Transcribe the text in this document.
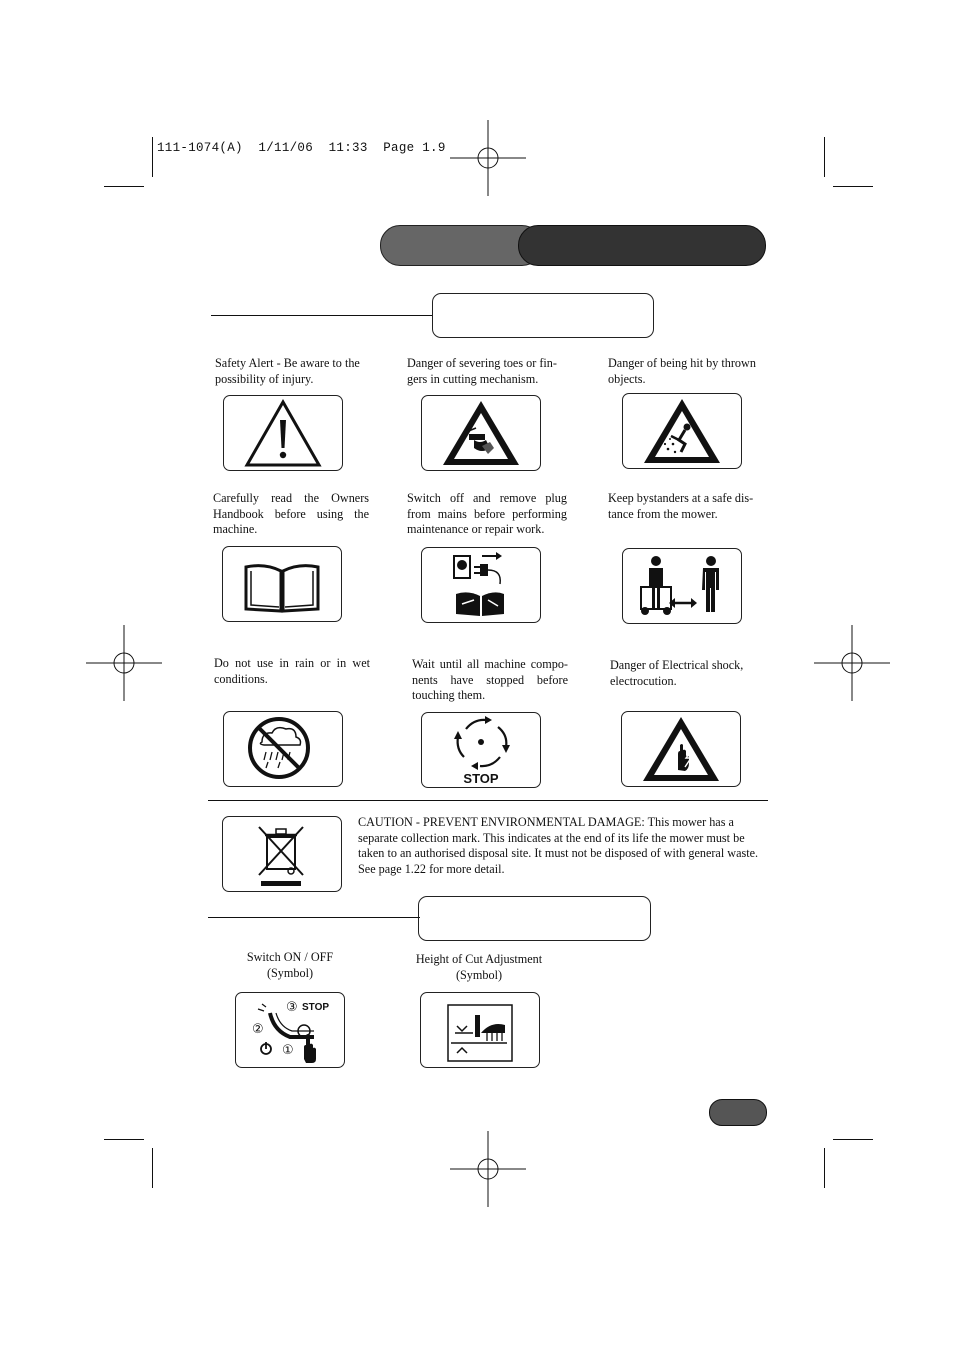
111-1074(A)  1/11/06  11:33  Page 1.9
Safety Alert - Be aware to the possibility of injury.
Danger of severing toes or fin-gers in cutting mechanism.
Danger of being hit by thrown objects.
Carefully read the Owners Handbook before using the machine.
Switch off and remove plug from mains before performing maintenance or repair work.
Keep bystanders at a safe dis-tance from the mower.
Do not use in rain or in wet conditions.
Wait until all machine compo-nents have stopped before touching them.
Danger of Electrical shock, electrocution.
STOP
CAUTION - PREVENT ENVIRONMENTAL DAMAGE: This mower has a separate collection mark. This indicates at the end of its life the mower must be taken to an authorised disposal site. It must not be disposed of with general waste. See page 1.22 for more detail.
Switch ON / OFF
(Symbol)
Height of Cut Adjustment
(Symbol)
③ STOP
②
①
